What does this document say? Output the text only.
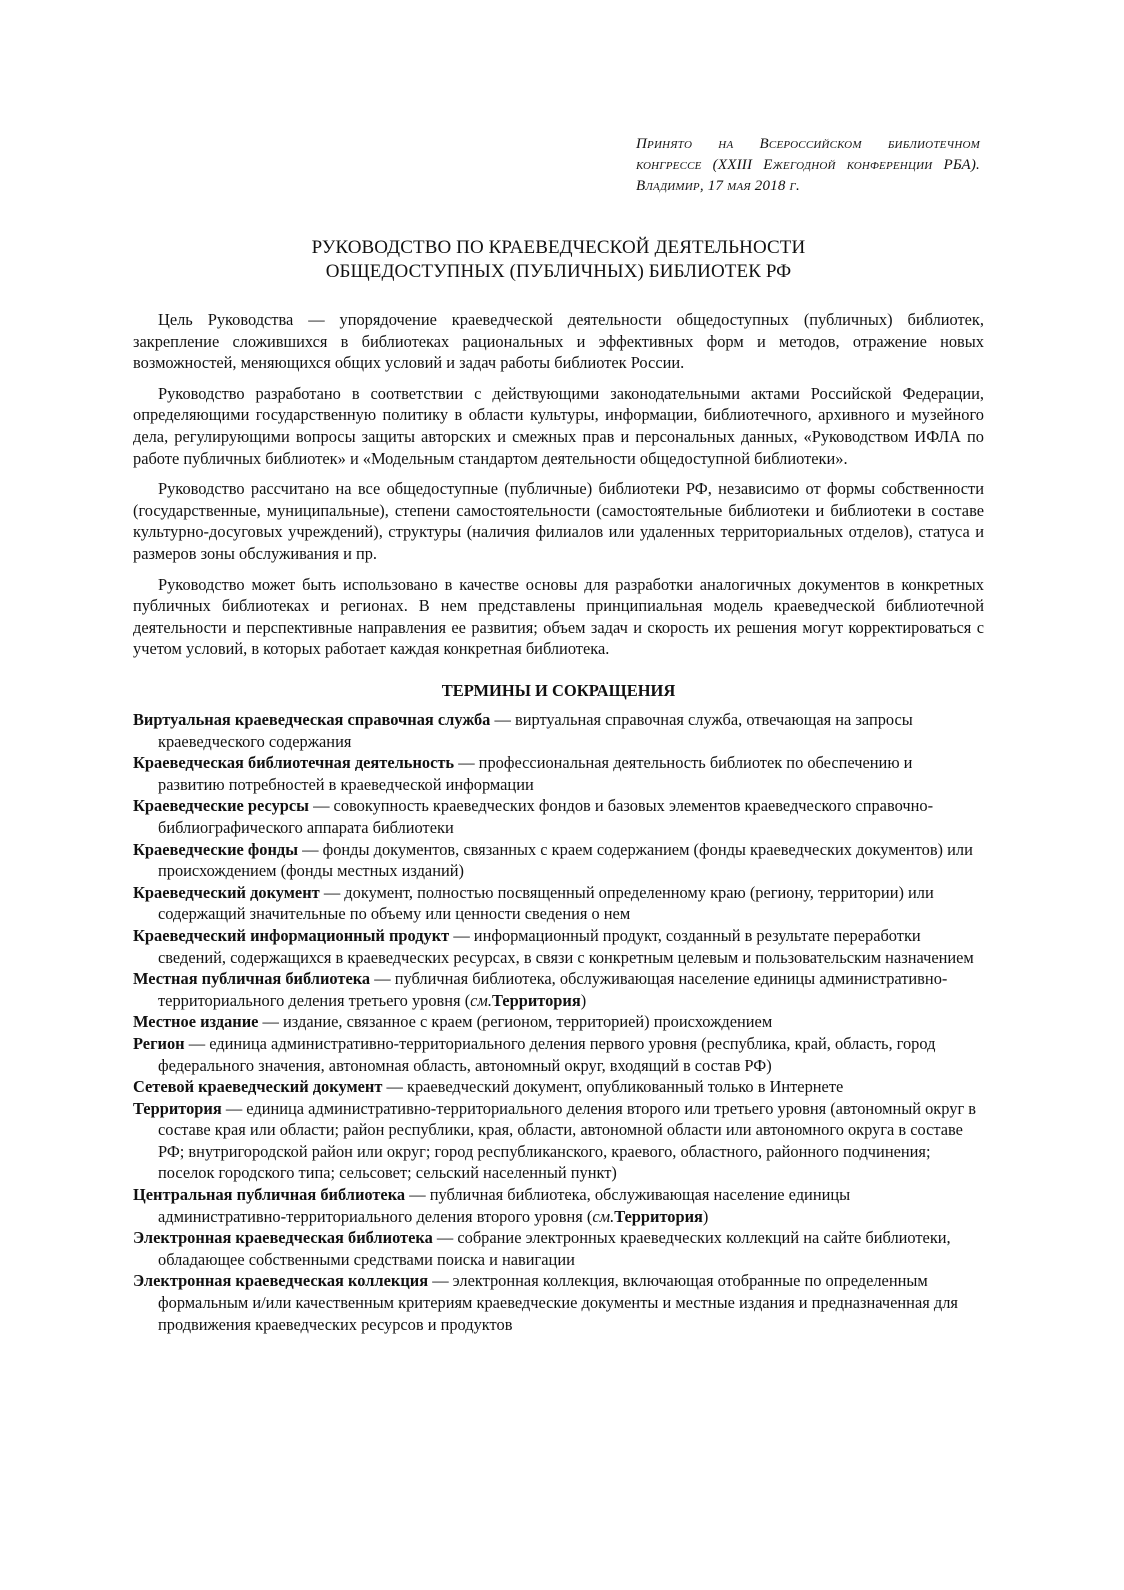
Принято на Всероссийском библиотечном конгрессе (XXIII Ежегодной конференции РБА). Владимир, 17 мая 2018 г.
РУКОВОДСТВО ПО КРАЕВЕДЧЕСКОЙ ДЕЯТЕЛЬНОСТИ
ОБЩЕДОСТУПНЫХ (ПУБЛИЧНЫХ) БИБЛИОТЕК РФ

Цель Руководства — упорядочение краеведческой деятельности общедоступных (публичных) библиотек, закрепление сложившихся в библиотеках рациональных и эффективных форм и методов, отражение новых возможностей, меняющихся общих условий и задач работы библиотек России.

Руководство разработано в соответствии с действующими законодательными актами Российской Федерации, определяющими государственную политику в области культуры, информации, библиотечного, архивного и музейного дела, регулирующими вопросы защиты авторских и смежных прав и персональных данных, «Руководством ИФЛА по работе публичных библиотек» и «Модельным стандартом деятельности общедоступной библиотеки».

Руководство рассчитано на все общедоступные (публичные) библиотеки РФ, независимо от формы собственности (государственные, муниципальные), степени самостоятельности (самостоятельные библиотеки и библиотеки в составе культурно-досуговых учреждений), структуры (наличия филиалов или удаленных территориальных отделов), статуса и размеров зоны обслуживания и пр.

Руководство может быть использовано в качестве основы для разработки аналогичных документов в конкретных публичных библиотеках и регионах. В нем представлены принципиальная модель краеведческой библиотечной деятельности и перспективные направления ее развития; объем задач и скорость их решения могут корректироваться с учетом условий, в которых работает каждая конкретная библиотека.

ТЕРМИНЫ И СОКРАЩЕНИЯ

Виртуальная краеведческая справочная служба — виртуальная справочная служба, отвечающая на запросы краеведческого содержания

Краеведческая библиотечная деятельность — профессиональная деятельность библиотек по обеспечению и развитию потребностей в краеведческой информации

Краеведческие ресурсы — совокупность краеведческих фондов и базовых элементов краеведческого справочно-библиографического аппарата библиотеки

Краеведческие фонды — фонды документов, связанных с краем содержанием (фонды краеведческих документов) или происхождением (фонды местных изданий)

Краеведческий документ — документ, полностью посвященный определенному краю (региону, территории) или содержащий значительные по объему или ценности сведения о нем

Краеведческий информационный продукт — информационный продукт, созданный в результате переработки сведений, содержащихся в краеведческих ресурсах, в связи с конкретным целевым и пользовательским назначением

Местная публичная библиотека — публичная библиотека, обслуживающая население единицы административно-территориального деления третьего уровня (см.Территория)

Местное издание — издание, связанное с краем (регионом, территорией) происхождением

Регион — единица административно-территориального деления первого уровня (республика, край, область, город федерального значения, автономная область, автономный округ, входящий в состав РФ)

Сетевой краеведческий документ — краеведческий документ, опубликованный только в Интернете

Территория — единица административно-территориального деления второго или третьего уровня (автономный округ в составе края или области; район республики, края, области, автономной области или автономного округа в составе РФ; внутригородской район или округ; город республиканского, краевого, областного, районного подчинения; поселок городского типа; сельсовет; сельский населенный пункт)

Центральная публичная библиотека — публичная библиотека, обслуживающая население единицы административно-территориального деления второго уровня (см.Территория)

Электронная краеведческая библиотека — собрание электронных краеведческих коллекций на сайте библиотеки, обладающее собственными средствами поиска и навигации

Электронная краеведческая коллекция — электронная коллекция, включающая отобранные по определенным формальным и/или качественным критериям краеведческие документы и местные издания и предназначенная для продвижения краеведческих ресурсов и продуктов
